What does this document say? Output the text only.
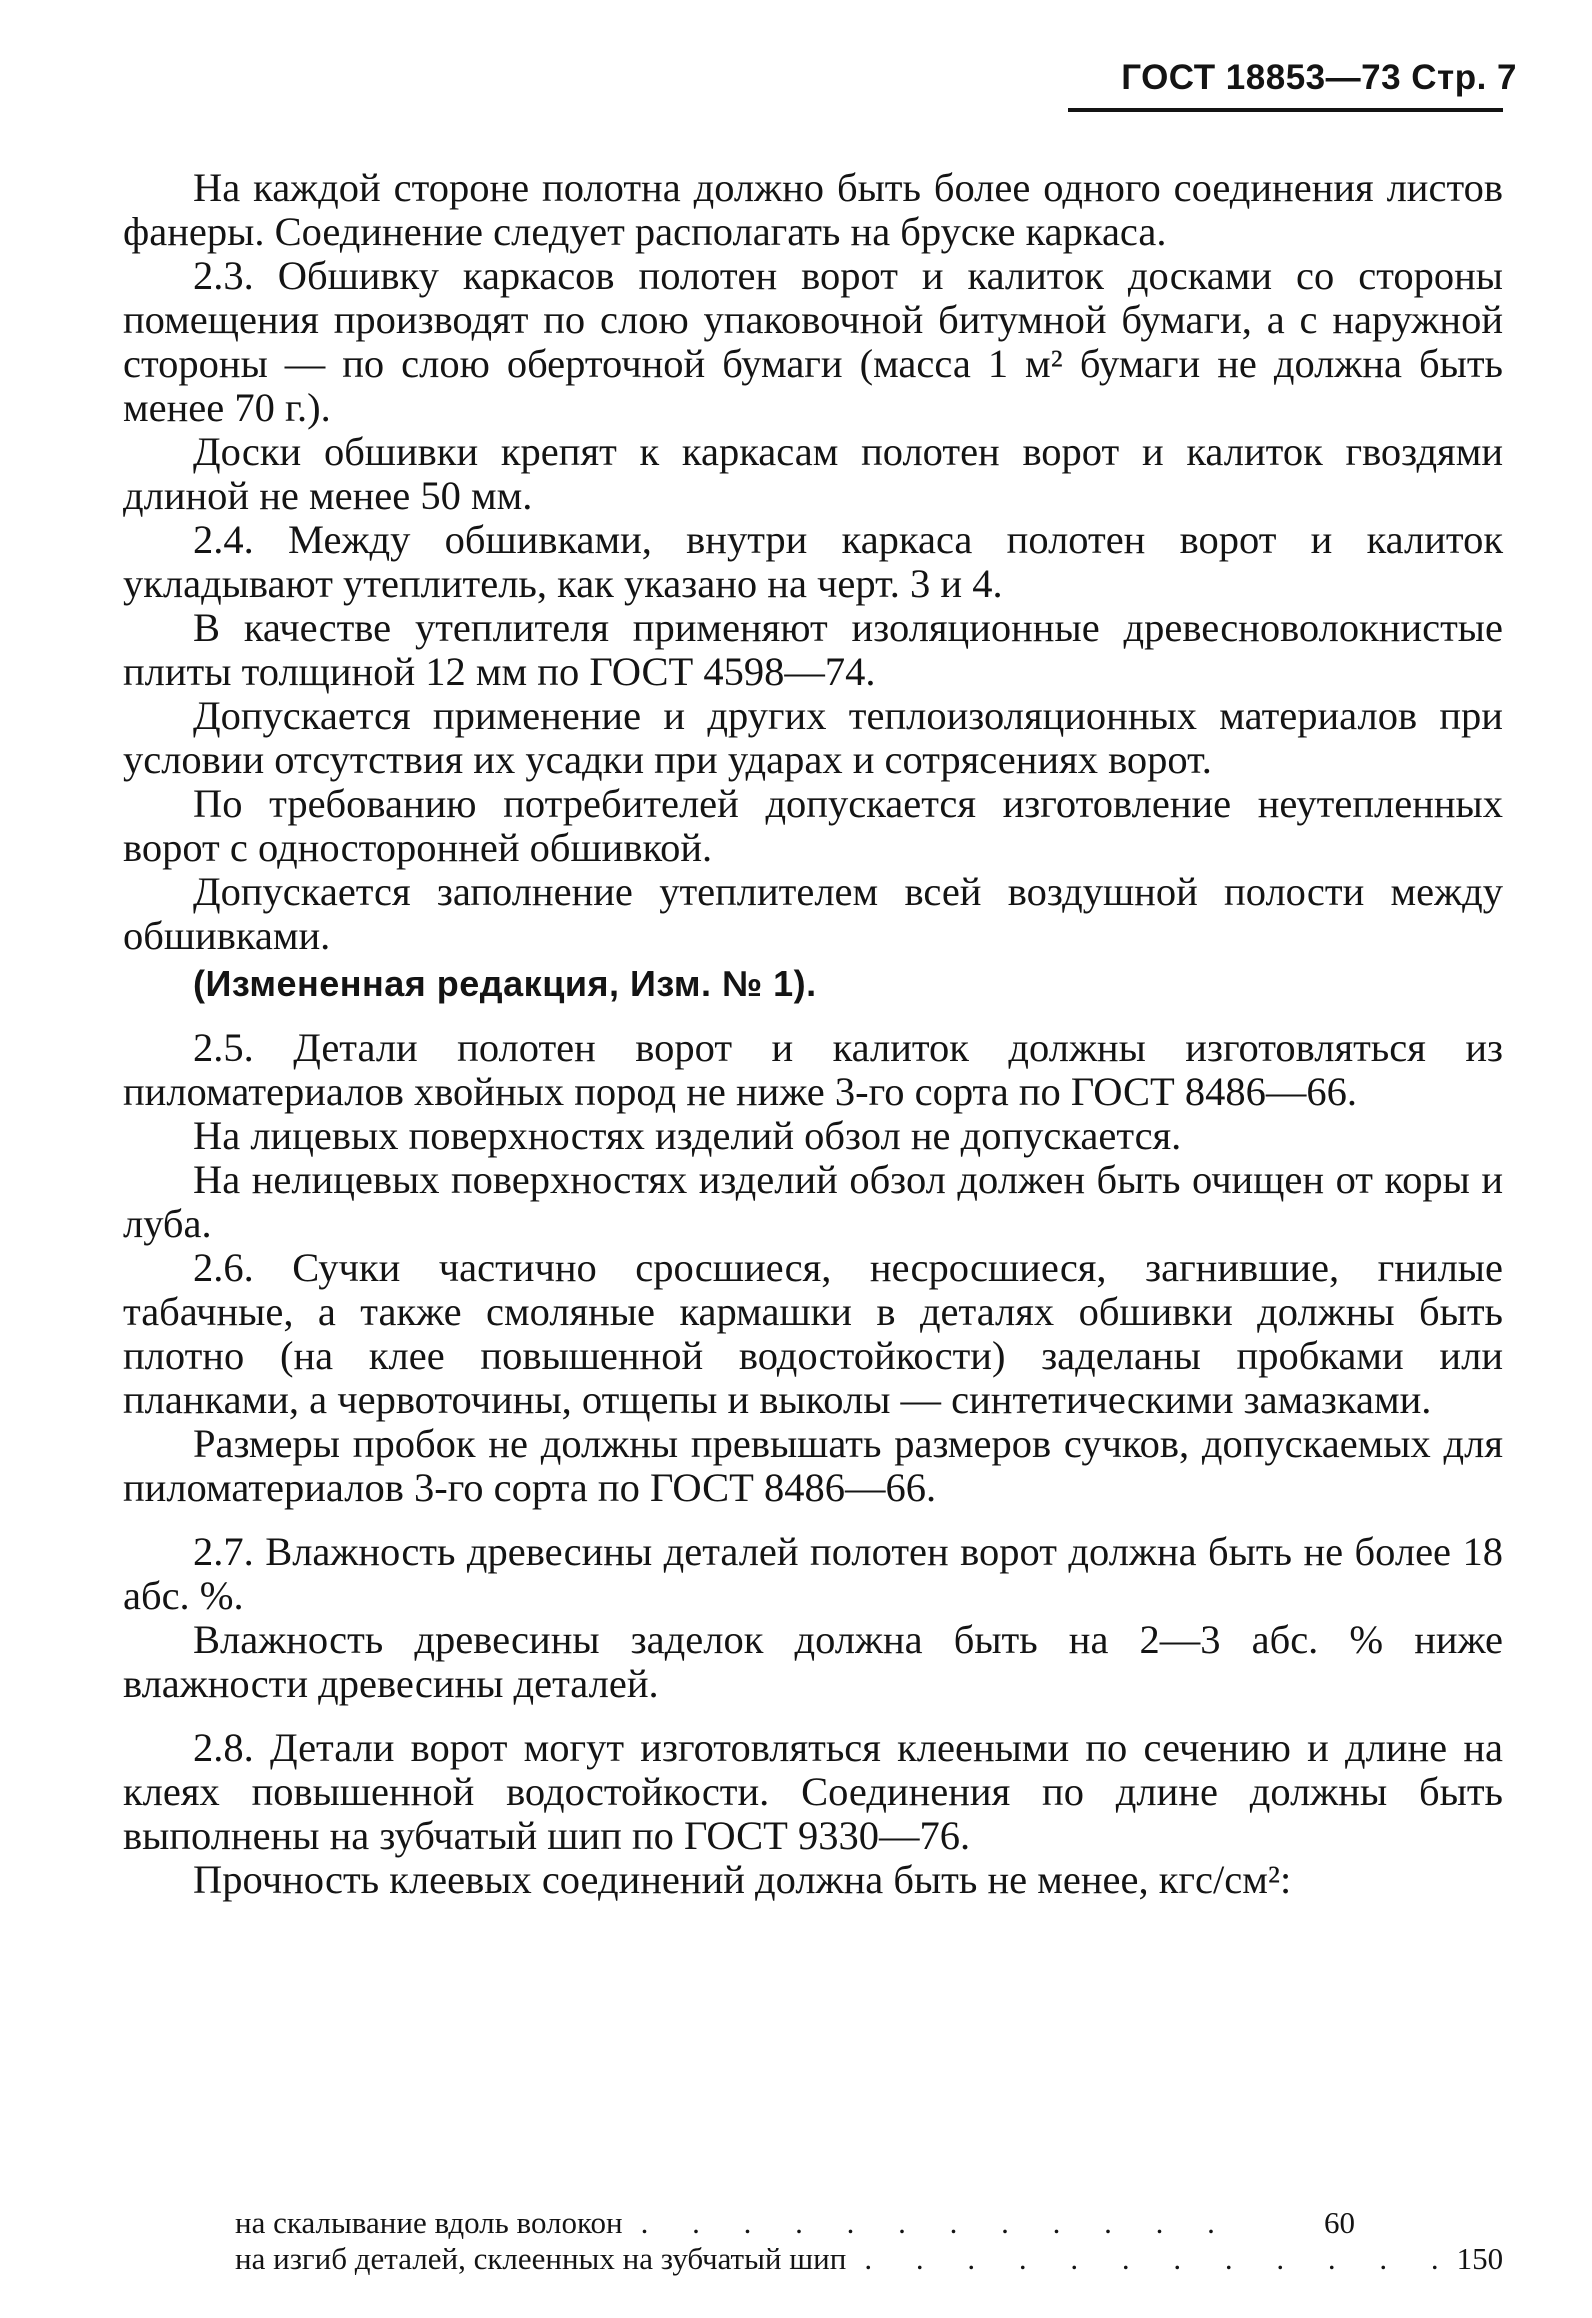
ГОСТ 18853—73 Стр. 7

На каждой стороне полотна должно быть более одного соединения листов фанеры. Соединение следует располагать на бруске каркаса.

2.3. Обшивку каркасов полотен ворот и калиток досками со стороны помещения производят по слою упаковочной битумной бумаги, а с наружной стороны — по слою оберточной бумаги (масса 1 м² бумаги не должна быть менее 70 г.).

Доски обшивки крепят к каркасам полотен ворот и калиток гвоздями длиной не менее 50 мм.

2.4. Между обшивками, внутри каркаса полотен ворот и калиток укладывают утеплитель, как указано на черт. 3 и 4.

В качестве утеплителя применяют изоляционные древесноволокнистые плиты толщиной 12 мм по ГОСТ 4598—74.

Допускается применение и других теплоизоляционных материалов при условии отсутствия их усадки при ударах и сотрясениях ворот.

По требованию потребителей допускается изготовление неутепленных ворот с односторонней обшивкой.

Допускается заполнение утеплителем всей воздушной полости между обшивками.

(Измененная редакция, Изм. № 1).

2.5. Детали полотен ворот и калиток должны изготовляться из пиломатериалов хвойных пород не ниже 3-го сорта по ГОСТ 8486—66.

На лицевых поверхностях изделий обзол не допускается.

На нелицевых поверхностях изделий обзол должен быть очищен от коры и луба.

2.6. Сучки частично сросшиеся, несросшиеся, загнившие, гнилые табачные, а также смоляные кармашки в деталях обшивки должны быть плотно (на клее повышенной водостойкости) заделаны пробками или планками, а червоточины, отщепы и выколы — синтетическими замазками.

Размеры пробок не должны превышать размеров сучков, допускаемых для пиломатериалов 3-го сорта по ГОСТ 8486—66.

2.7. Влажность древесины деталей полотен ворот должна быть не более 18 абс. %.

Влажность древесины заделок должна быть на 2—3 абс. % ниже влажности древесины деталей.

2.8. Детали ворот могут изготовляться клееными по сечению и длине на клеях повышенной водостойкости. Соединения по длине должны быть выполнены на зубчатый шип по ГОСТ 9330—76.

Прочность клеевых соединений должна быть не менее, кгс/см²:

на скалывание вдоль волокон . . . . . . . . . . . .	60
на изгиб деталей, склеенных на зубчатый шип . . . . . . . . . . . . 150
